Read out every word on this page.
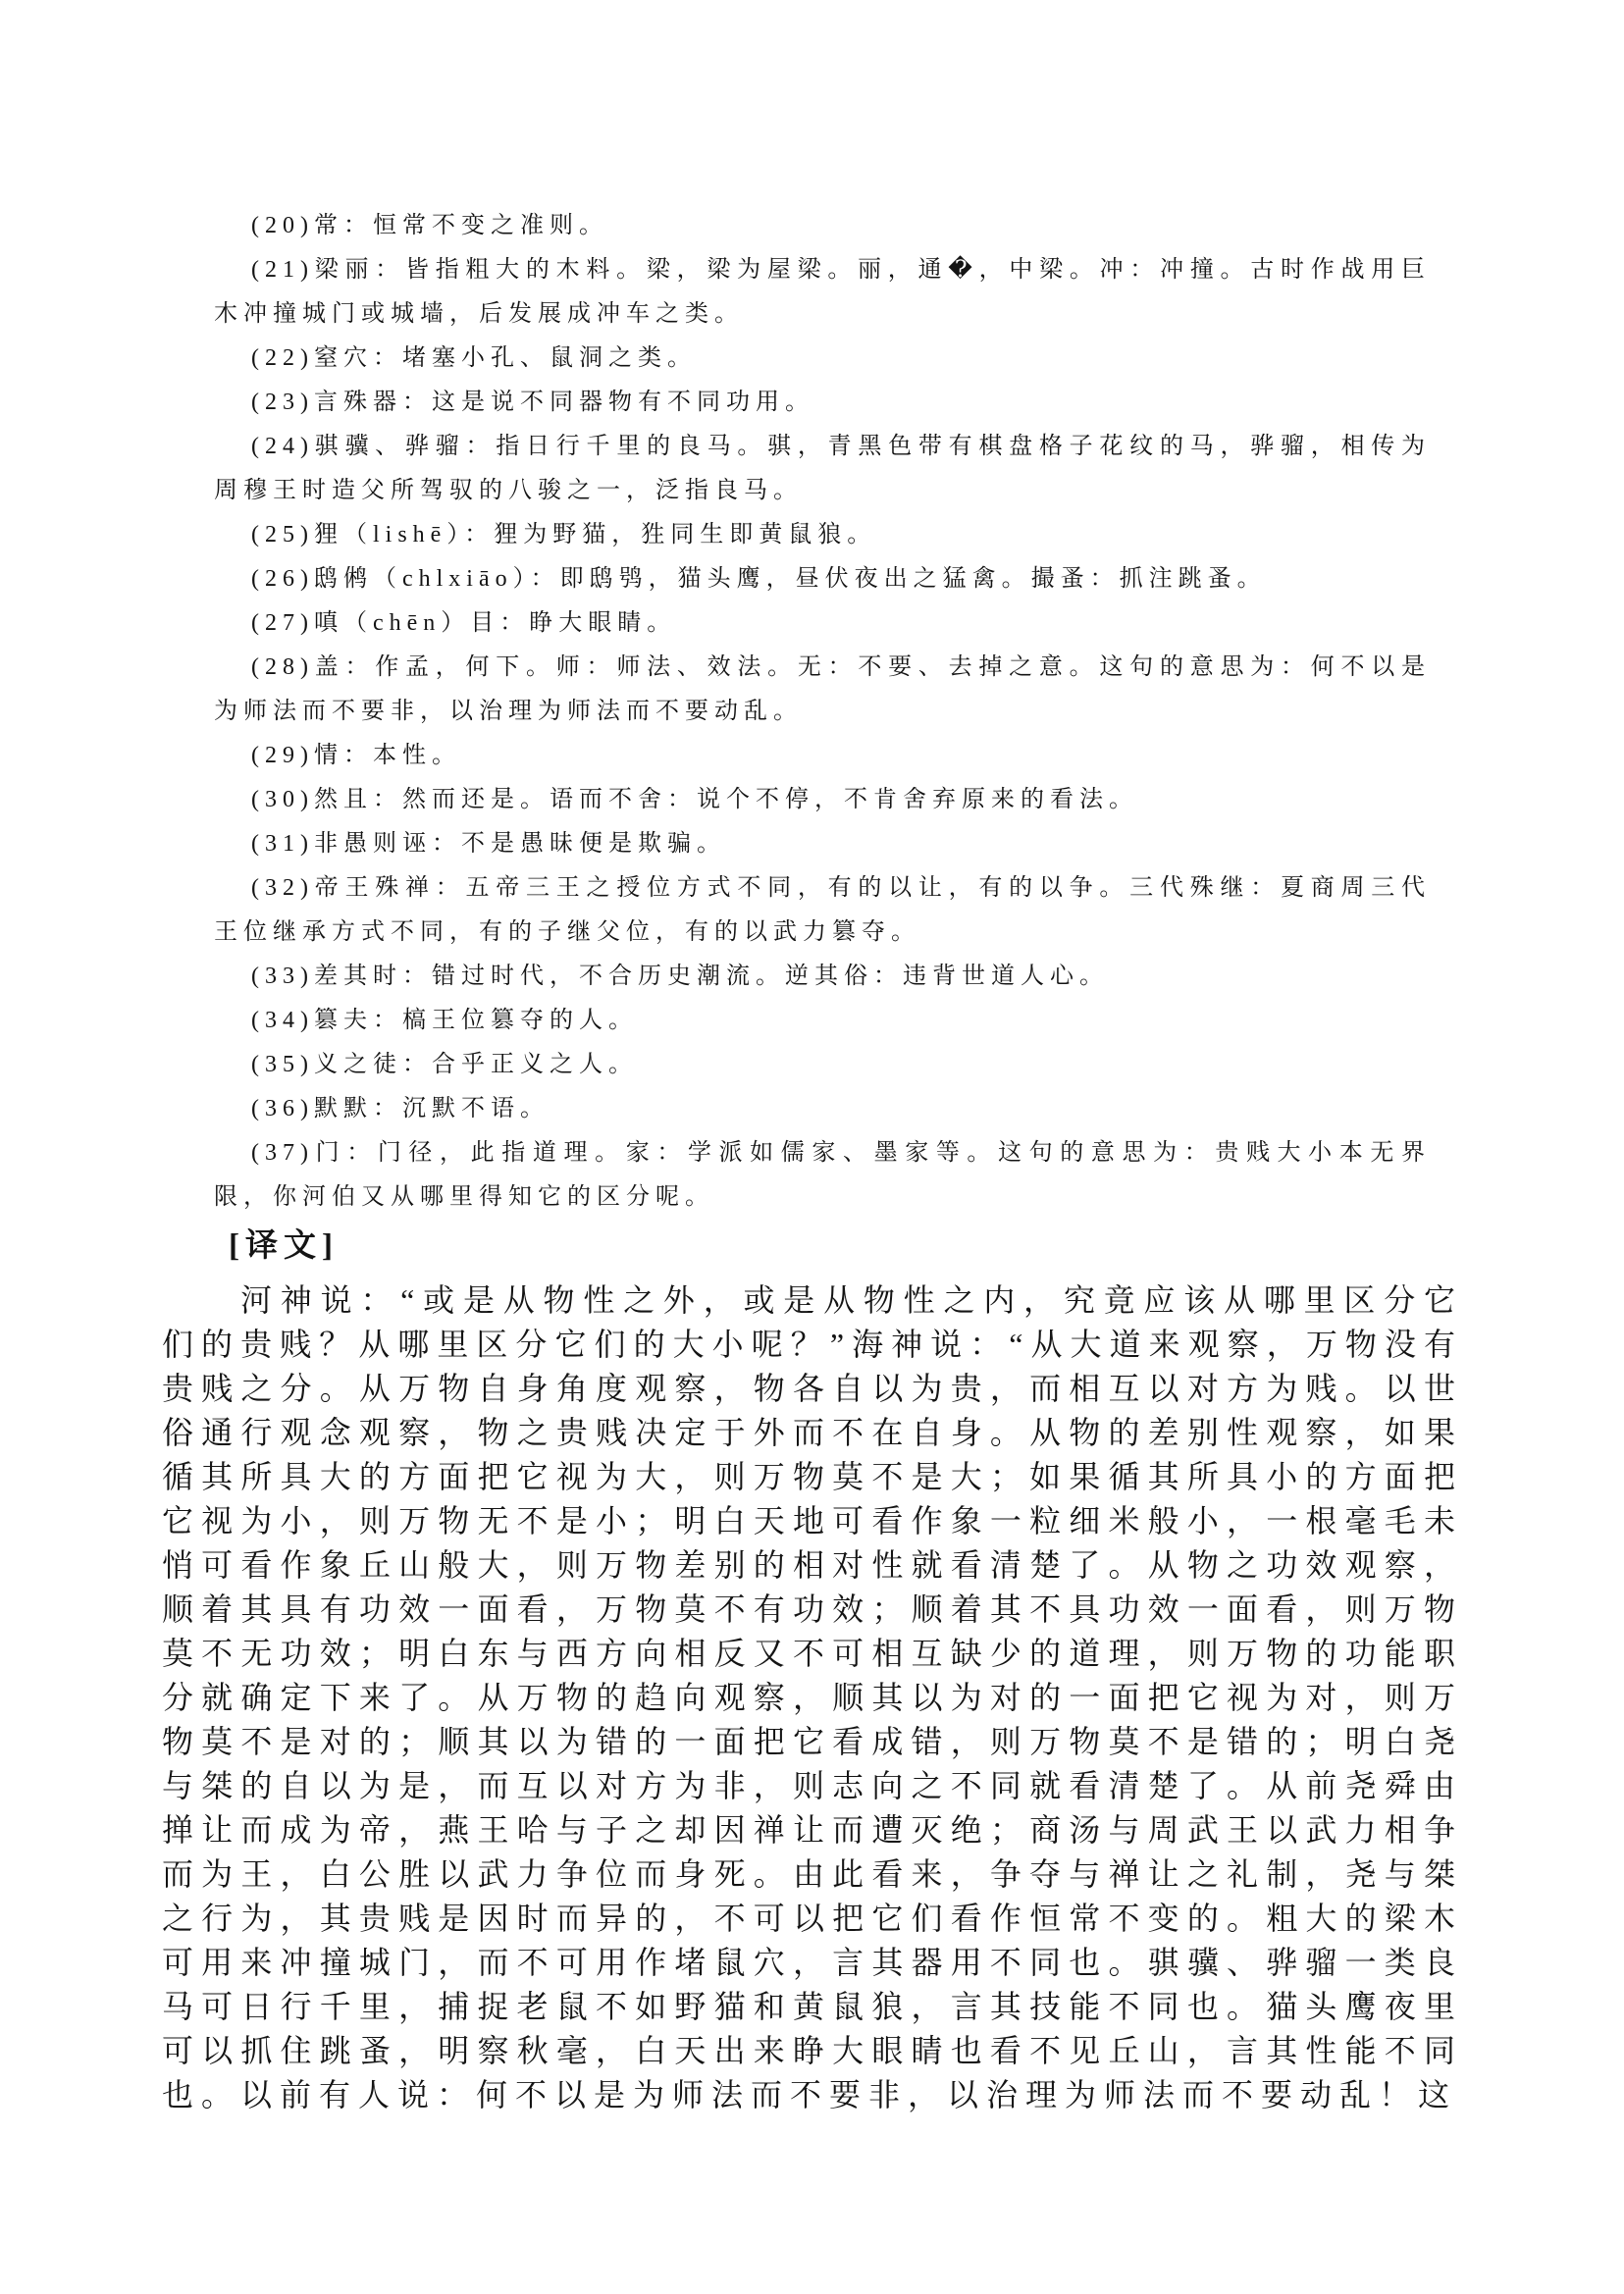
(20)常：恒常不变之准则。

(21)梁丽：皆指粗大的木料。梁，梁为屋梁。丽，通�，中梁。冲：冲撞。古时作战用巨木冲撞城门或城墙，后发展成冲车之类。

(22)窒穴：堵塞小孔、鼠洞之类。

(23)言殊器：这是说不同器物有不同功用。

(24)骐骥、骅骝：指日行千里的良马。骐，青黑色带有棋盘格子花纹的马，骅骝，相传为周穆王时造父所驾驭的八骏之一，泛指良马。

(25)狸（lishē）：狸为野猫，狌同生即黄鼠狼。

(26)鸱鸺（chlxiāo）：即鸱鸮，猫头鹰，昼伏夜出之猛禽。撮蚤：抓注跳蚤。

(27)嗔（chēn）目：睁大眼睛。

(28)盖：作孟，何下。师：师法、效法。无：不要、去掉之意。这句的意思为：何不以是为师法而不要非，以治理为师法而不要动乱。

(29)情：本性。

(30)然且：然而还是。语而不舍：说个不停，不肯舍弃原来的看法。

(31)非愚则诬：不是愚昧便是欺骗。

(32)帝王殊禅：五帝三王之授位方式不同，有的以让，有的以争。三代殊继：夏商周三代王位继承方式不同，有的子继父位，有的以武力篡夺。

(33)差其时：错过时代，不合历史潮流。逆其俗：违背世道人心。

(34)篡夫：槁王位篡夺的人。

(35)义之徒：合乎正义之人。

(36)默默：沉默不语。

(37)门：门径，此指道理。家：学派如儒家、墨家等。这句的意思为：贵贱大小本无界限，你河伯又从哪里得知它的区分呢。

[译文]

河神说：“或是从物性之外，或是从物性之内，究竟应该从哪里区分它们的贵贱？从哪里区分它们的大小呢？”海神说：“从大道来观察，万物没有贵贱之分。从万物自身角度观察，物各自以为贵，而相互以对方为贱。以世俗通行观念观察，物之贵贱决定于外而不在自身。从物的差别性观察，如果循其所具大的方面把它视为大，则万物莫不是大；如果循其所具小的方面把它视为小，则万物无不是小；明白天地可看作象一粒细米般小，一根毫毛未悄可看作象丘山般大，则万物差别的相对性就看清楚了。从物之功效观察，顺着其具有功效一面看，万物莫不有功效；顺着其不具功效一面看，则万物莫不无功效；明白东与西方向相反又不可相互缺少的道理，则万物的功能职分就确定下来了。从万物的趋向观察，顺其以为对的一面把它视为对，则万物莫不是对的；顺其以为错的一面把它看成错，则万物莫不是错的；明白尧与桀的自以为是，而互以对方为非，则志向之不同就看清楚了。从前尧舜由掸让而成为帝，燕王哈与子之却因禅让而遭灭绝；商汤与周武王以武力相争而为王，白公胜以武力争位而身死。由此看来，争夺与禅让之礼制，尧与桀之行为，其贵贱是因时而异的，不可以把它们看作恒常不变的。粗大的梁木可用来冲撞城门，而不可用作堵鼠穴，言其器用不同也。骐骥、骅骝一类良马可日行千里，捕捉老鼠不如野猫和黄鼠狼，言其技能不同也。猫头鹰夜里可以抓住跳蚤，明察秋毫，白天出来睁大眼睛也看不见丘山，言其性能不同也。以前有人说：何不以是为师法而不要非，以治理为师法而不要动乱！这
